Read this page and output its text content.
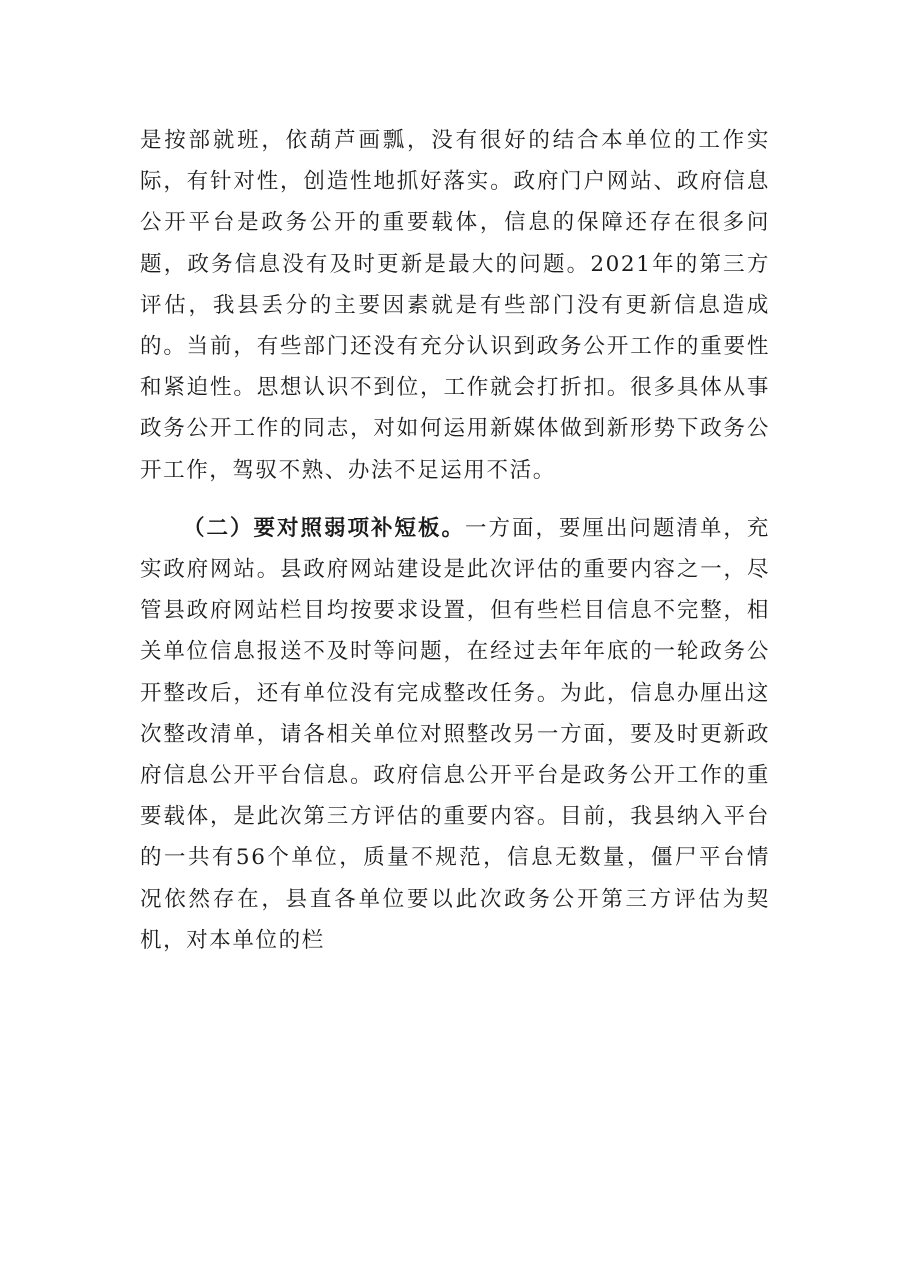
是按部就班，依葫芦画瓢，没有很好的结合本单位的工作实际，有针对性，创造性地抓好落实。政府门户网站、政府信息公开平台是政务公开的重要载体，信息的保障还存在很多问题，政务信息没有及时更新是最大的问题。2021年的第三方评估，我县丢分的主要因素就是有些部门没有更新信息造成的。当前，有些部门还没有充分认识到政务公开工作的重要性和紧迫性。思想认识不到位，工作就会打折扣。很多具体从事政务公开工作的同志，对如何运用新媒体做到新形势下政务公开工作，驾驭不熟、办法不足运用不活。

（二）要对照弱项补短板。一方面，要厘出问题清单，充实政府网站。县政府网站建设是此次评估的重要内容之一，尽管县政府网站栏目均按要求设置，但有些栏目信息不完整，相关单位信息报送不及时等问题，在经过去年年底的一轮政务公开整改后，还有单位没有完成整改任务。为此，信息办厘出这次整改清单，请各相关单位对照整改另一方面，要及时更新政府信息公开平台信息。政府信息公开平台是政务公开工作的重要载体，是此次第三方评估的重要内容。目前，我县纳入平台的一共有56个单位，质量不规范，信息无数量，僵尸平台情况依然存在，县直各单位要以此次政务公开第三方评估为契机，对本单位的栏
